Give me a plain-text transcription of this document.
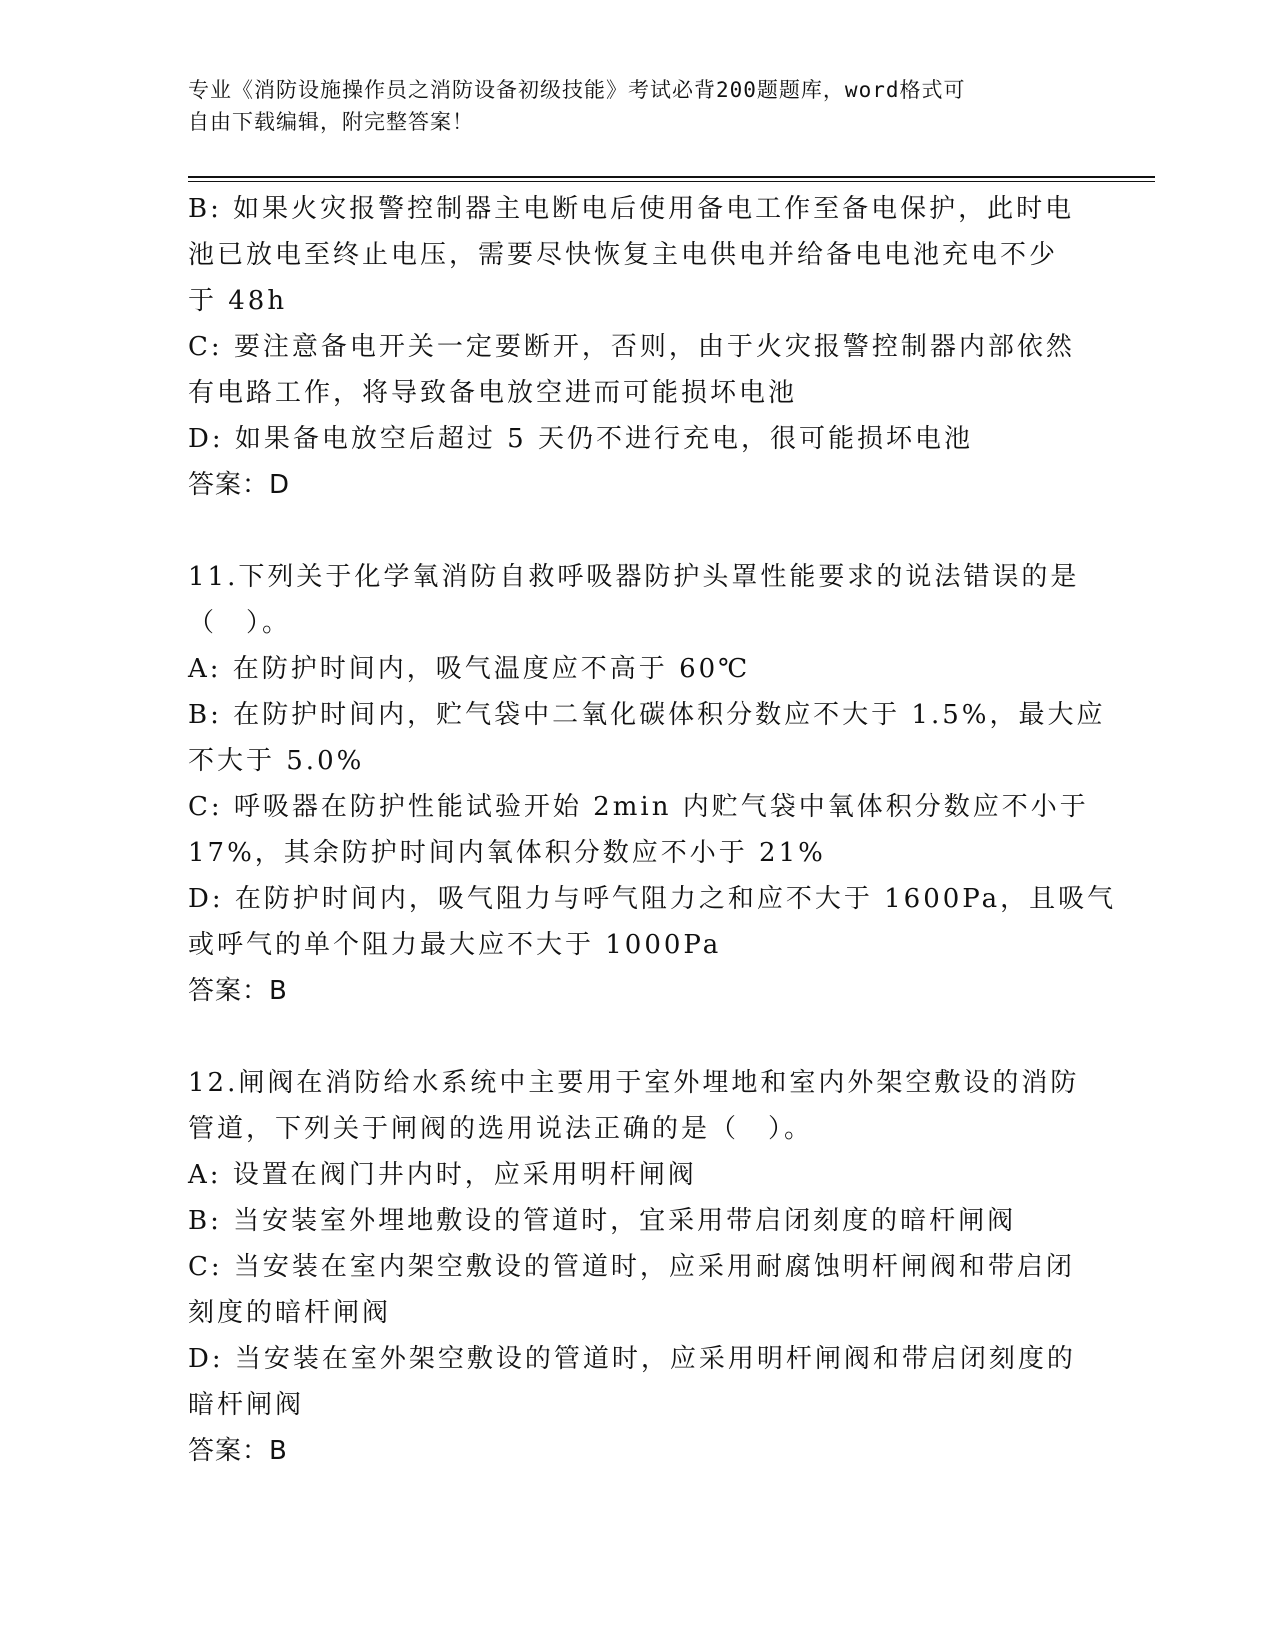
专业《消防设施操作员之消防设备初级技能》考试必背200题题库，word格式可
自由下载编辑，附完整答案！
B: 如果火灾报警控制器主电断电后使用备电工作至备电保护，此时电
池已放电至终止电压，需要尽快恢复主电供电并给备电电池充电不少
于 48h
C: 要注意备电开关一定要断开，否则，由于火灾报警控制器内部依然
有电路工作，将导致备电放空进而可能损坏电池
D: 如果备电放空后超过 5 天仍不进行充电，很可能损坏电池
答案：D
11.下列关于化学氧消防自救呼吸器防护头罩性能要求的说法错误的是
（　）。
A: 在防护时间内，吸气温度应不高于 60℃
B: 在防护时间内，贮气袋中二氧化碳体积分数应不大于 1.5%，最大应
不大于 5.0%
C: 呼吸器在防护性能试验开始 2min 内贮气袋中氧体积分数应不小于
17%，其余防护时间内氧体积分数应不小于 21%
D: 在防护时间内，吸气阻力与呼气阻力之和应不大于 1600Pa，且吸气
或呼气的单个阻力最大应不大于 1000Pa
答案：B
12.闸阀在消防给水系统中主要用于室外埋地和室内外架空敷设的消防
管道，下列关于闸阀的选用说法正确的是（　）。
A: 设置在阀门井内时，应采用明杆闸阀
B: 当安装室外埋地敷设的管道时，宜采用带启闭刻度的暗杆闸阀
C: 当安装在室内架空敷设的管道时，应采用耐腐蚀明杆闸阀和带启闭
刻度的暗杆闸阀
D: 当安装在室外架空敷设的管道时，应采用明杆闸阀和带启闭刻度的
暗杆闸阀
答案：B
